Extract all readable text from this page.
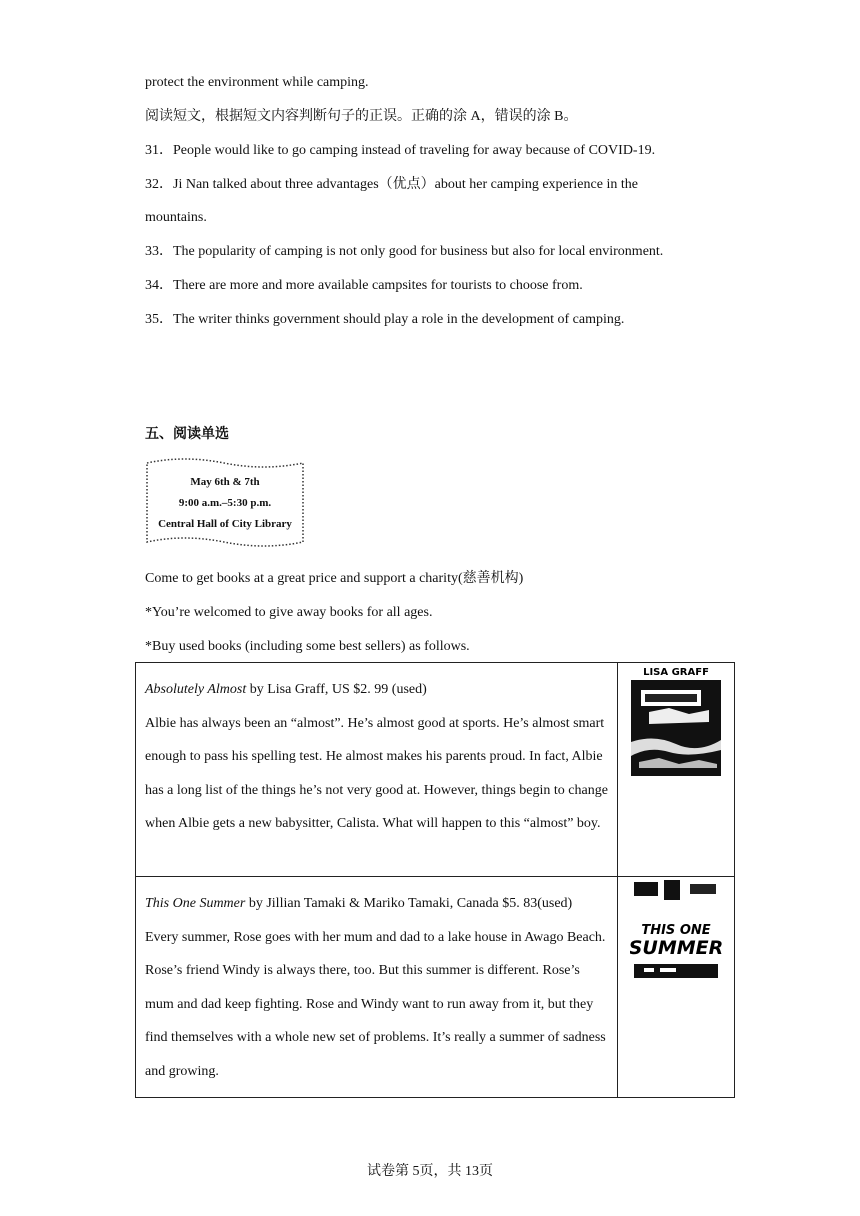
protect the environment while camping.
阅读短文，根据短文内容判断句子的正误。正确的涂 A，错误的涂 B。
31．People would like to go camping instead of traveling for away because of COVID-19.
32．Ji Nan talked about three advantages（优点）about her camping experience in the
mountains.
33．The popularity of camping is not only good for business but also for local environment.
34．There are more and more available campsites for tourists to choose from.
35．The writer thinks government should play a role in the development of camping.
五、阅读单选
May 6th & 7th
9:00 a.m.–5:30 p.m.
Central Hall of City Library
Come to get books at a great price and support a charity(慈善机构)
*You’re welcomed to give away books for all ages.
*Buy used books (including some best sellers) as follows.
Absolutely Almost by Lisa Graff, US $2. 99 (used)
Albie has always been an “almost”. He’s almost good at sports. He’s almost smart enough to pass his spelling test. He almost makes his parents proud. In fact, Albie has a long list of the things he’s not very good at. However, things begin to change when Albie gets a new babysitter, Calista. What will happen to this “almost” boy.	LISA GRAFF

This One Summer by Jillian Tamaki & Mariko Tamaki, Canada $5. 83(used)
Every summer, Rose goes with her mum and dad to a lake house in Awago Beach. Rose’s friend Windy is always there, too. But this summer is different. Rose’s mum and dad keep fighting. Rose and Windy want to run away from it, but they find themselves with a whole new set of problems. It’s really a summer of sadness and growing.	THIS ONE
SUMMER
试卷第 5页，共 13页
